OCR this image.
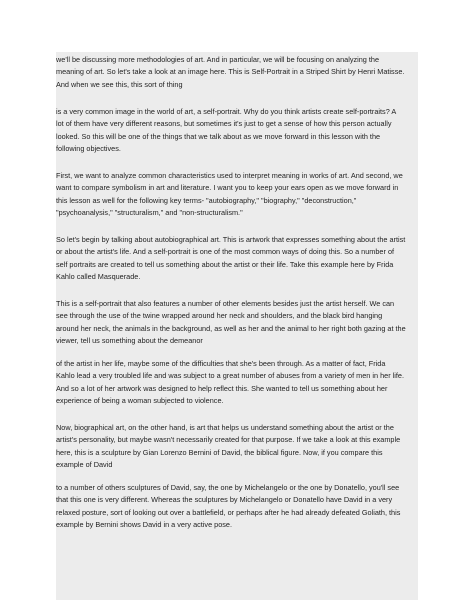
we'll be discussing more methodologies of art. And in particular, we will be focusing on analyzing the
meaning of art. So let's take a look at an image here. This is Self-Portrait in a Striped Shirt by Henri Matisse.
And when we see this, this sort of thing

is a very common image in the world of art, a self-portrait. Why do you think artists create self-portraits? A
lot of them have very different reasons, but sometimes it's just to get a sense of how this person actually
looked. So this will be one of the things that we talk about as we move forward in this lesson with the
following objectives.

First, we want to analyze common characteristics used to interpret meaning in works of art. And second, we
want to compare symbolism in art and literature. I want you to keep your ears open as we move forward in
this lesson as well for the following key terms- "autobiography," "biography," "deconstruction,"
"psychoanalysis," "structuralism," and "non-structuralism."

So let's begin by talking about autobiographical art. This is artwork that expresses something about the artist
or about the artist's life. And a self-portrait is one of the most common ways of doing this. So a number of
self portraits are created to tell us something about the artist or their life. Take this example here by Frida
Kahlo called Masquerade.

This is a self-portrait that also features a number of other elements besides just the artist herself. We can
see through the use of the twine wrapped around her neck and shoulders, and the black bird hanging
around her neck, the animals in the background, as well as her and the animal to her right both gazing at the
viewer, tell us something about the demeanor

of the artist in her life, maybe some of the difficulties that she's been through. As a matter of fact, Frida
Kahlo lead a very troubled life and was subject to a great number of abuses from a variety of men in her life.
And so a lot of her artwork was designed to help reflect this. She wanted to tell us something about her
experience of being a woman subjected to violence.

Now, biographical art, on the other hand, is art that helps us understand something about the artist or the
artist's personality, but maybe wasn't necessarily created for that purpose. If we take a look at this example
here, this is a sculpture by Gian Lorenzo Bernini of David, the biblical figure. Now, if you compare this
example of David

to a number of others sculptures of David, say, the one by Michelangelo or the one by Donatello, you'll see
that this one is very different. Whereas the sculptures by Michelangelo or Donatello have David in a very
relaxed posture, sort of looking out over a battlefield, or perhaps after he had already defeated Goliath, this
example by Bernini shows David in a very active pose.
